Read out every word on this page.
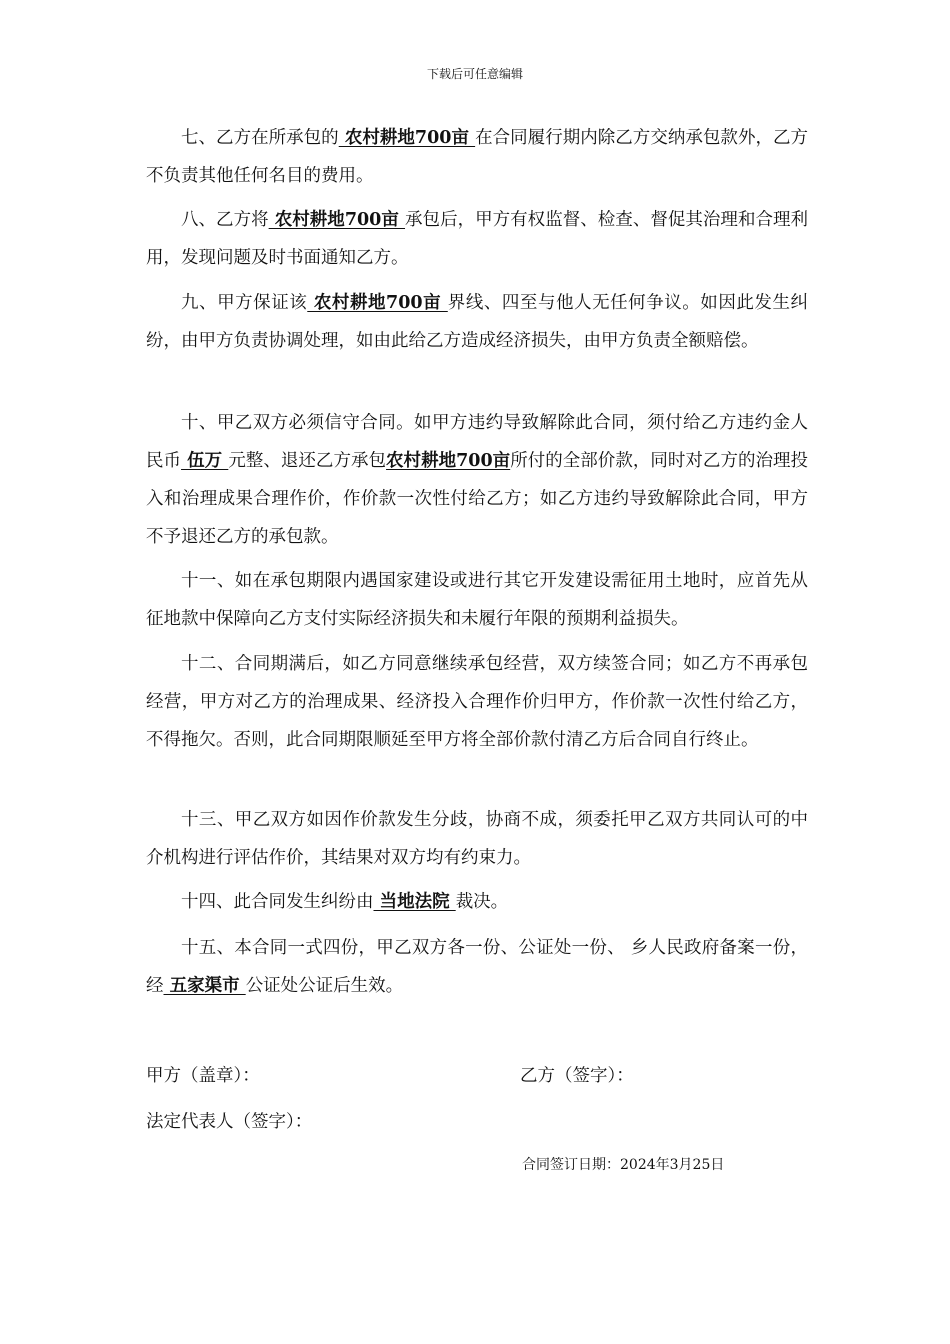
下载后可任意编辑

七、乙方在所承包的 农村耕地700亩 在合同履行期内除乙方交纳承包款外，乙方不负责其他任何名目的费用。

八、乙方将 农村耕地700亩 承包后，甲方有权监督、检查、督促其治理和合理利用，发现问题及时书面通知乙方。

九、甲方保证该 农村耕地700亩 界线、四至与他人无任何争议。如因此发生纠纷，由甲方负责协调处理，如由此给乙方造成经济损失，由甲方负责全额赔偿。

十、甲乙双方必须信守合同。如甲方违约导致解除此合同，须付给乙方违约金人民币 伍万 元整、退还乙方承包农村耕地700亩所付的全部价款，同时对乙方的治理投入和治理成果合理作价，作价款一次性付给乙方；如乙方违约导致解除此合同，甲方不予退还乙方的承包款。

十一、如在承包期限内遇国家建设或进行其它开发建设需征用土地时，应首先从征地款中保障向乙方支付实际经济损失和未履行年限的预期利益损失。

十二、合同期满后，如乙方同意继续承包经营，双方续签合同；如乙方不再承包经营，甲方对乙方的治理成果、经济投入合理作价归甲方，作价款一次性付给乙方，不得拖欠。否则，此合同期限顺延至甲方将全部价款付清乙方后合同自行终止。

十三、甲乙双方如因作价款发生分歧，协商不成，须委托甲乙双方共同认可的中介机构进行评估作价，其结果对双方均有约束力。

十四、此合同发生纠纷由 当地法院 裁决。

十五、本合同一式四份，甲乙双方各一份、公证处一份、 乡人民政府备案一份，经 五家渠市 公证处公证后生效。

甲方（盖章）：	乙方（签字）：
法定代表人（签字）：
合同签订日期：2024年3月25日
